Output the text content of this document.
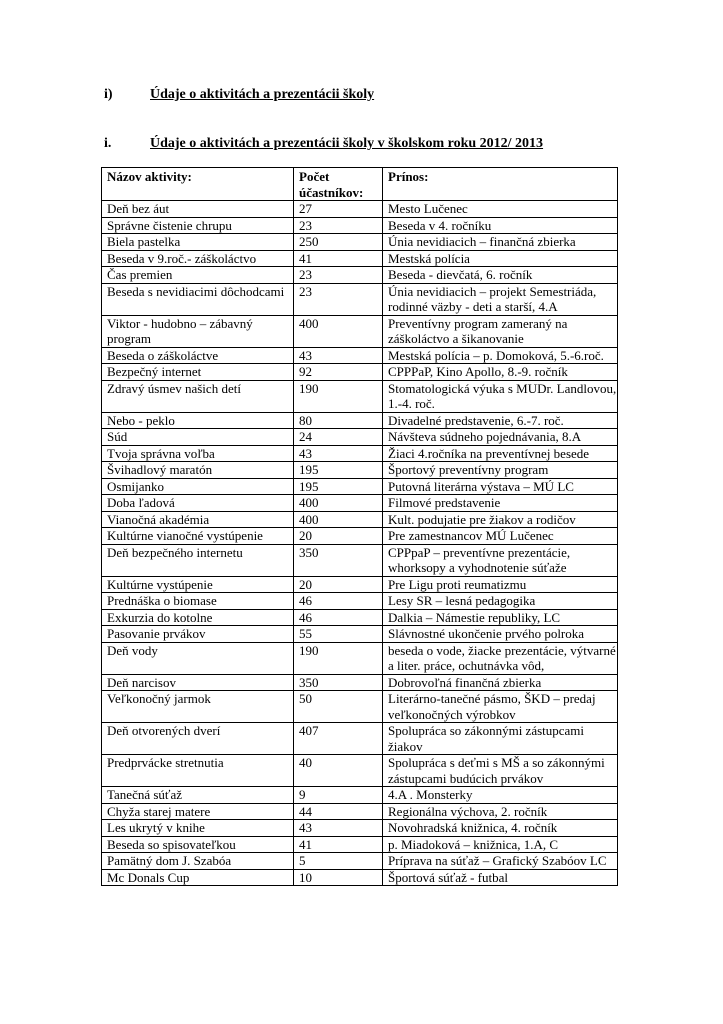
i)	Údaje o aktivitách a prezentácii školy
i.	Údaje o aktivitách a prezentácii školy v školskom roku 2012/ 2013
Názov aktivity:	Počet účastníkov:	Prínos:
Deň bez áut	27	Mesto Lučenec
Správne čistenie chrupu	23	Beseda v 4. ročníku
Biela pastelka	250	Únia nevidiacich – finančná zbierka
Beseda v 9.roč.- záškoláctvo	41	Mestská polícia
Čas premien	23	Beseda - dievčatá, 6. ročník
Beseda s nevidiacimi dôchodcami	23	Únia nevidiacich – projekt Semestriáda, rodinné väzby - deti a starší, 4.A
Viktor - hudobno – zábavný program	400	Preventívny program zameraný na záškoláctvo a šikanovanie
Beseda o záškoláctve	43	Mestská polícia – p. Domoková, 5.-6.roč.
Bezpečný internet	92	CPPPaP, Kino Apollo, 8.-9. ročník
Zdravý úsmev našich detí	190	Stomatologická výuka s MUDr. Landlovou, 1.-4. roč.
Nebo - peklo	80	Divadelné predstavenie, 6.-7. roč.
Súd	24	Návšteva súdneho pojednávania, 8.A
Tvoja správna voľba	43	Žiaci 4.ročníka na preventívnej besede
Švihadlový maratón	195	Športový preventívny program
Osmijanko	195	Putovná literárna výstava – MÚ LC
Doba ľadová	400	Filmové predstavenie
Vianočná akadémia	400	Kult. podujatie pre žiakov a rodičov
Kultúrne vianočné vystúpenie	20	Pre zamestnancov MÚ Lučenec
Deň bezpečného internetu	350	CPPpaP – preventívne prezentácie, whorksopy a vyhodnotenie súťaže
Kultúrne vystúpenie	20	Pre Ligu proti reumatizmu
Prednáška o biomase	46	Lesy SR – lesná pedagogika
Exkurzia do kotolne	46	Dalkia – Námestie republiky, LC
Pasovanie prvákov	55	Slávnostné ukončenie prvého polroka
Deň vody	190	beseda o vode, žiacke prezentácie, výtvarné a liter. práce, ochutnávka vôd,
Deň narcisov	350	Dobrovoľná finančná zbierka
Veľkonočný jarmok	50	Literárno-tanečné pásmo, ŠKD – predaj veľkonočných výrobkov
Deň otvorených dverí	407	Spolupráca so zákonnými zástupcami žiakov
Predprvácke stretnutia	40	Spolupráca s deťmi s MŠ a so zákonnými zástupcami budúcich prvákov
Tanečná súťaž	9	4.A . Monsterky
Chyža starej matere	44	Regionálna výchova, 2. ročník
Les ukrytý v knihe	43	Novohradská knižnica, 4. ročník
Beseda so spisovateľkou	41	p. Miadoková – knižnica, 1.A, C
Pamätný dom J. Szabóa	5	Príprava na súťaž – Grafický Szabóov LC
Mc Donals Cup	10	Športová súťaž - futbal
